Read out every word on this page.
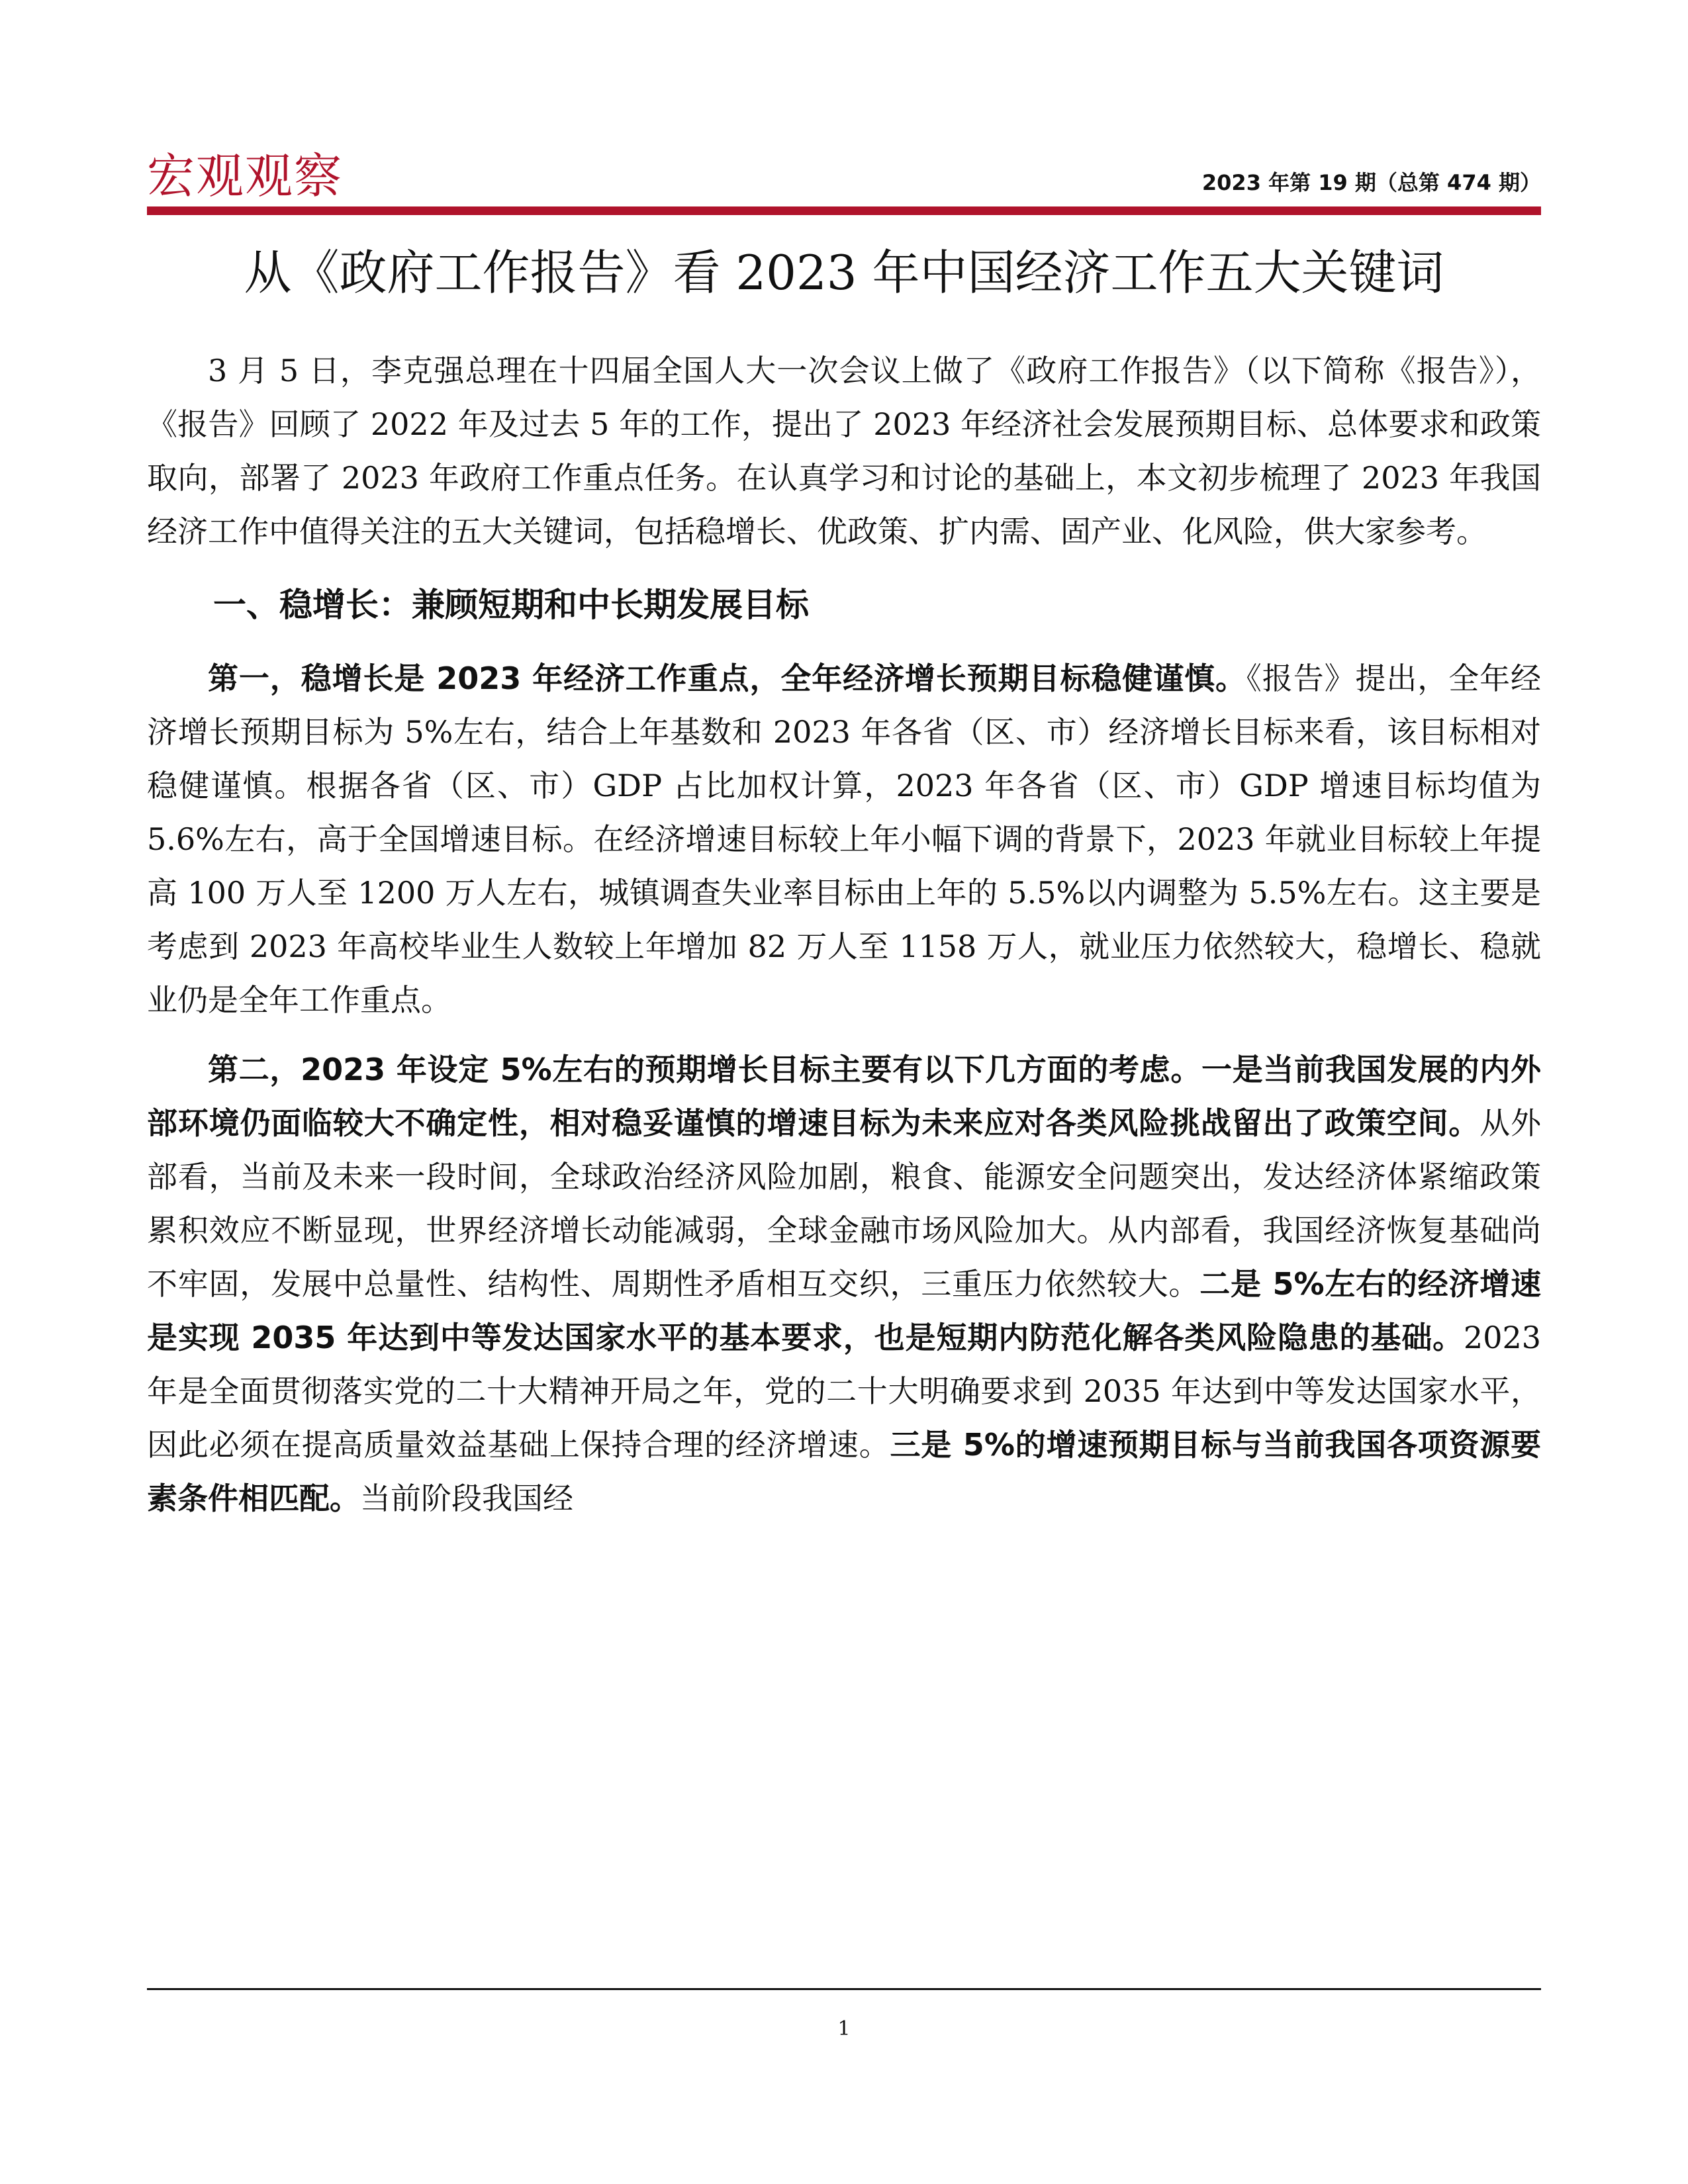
宏观观察	2023 年第 19 期（总第 474 期）
从《政府工作报告》看 2023 年中国经济工作五大关键词

3 月 5 日，李克强总理在十四届全国人大一次会议上做了《政府工作报告》（以下简称《报告》），《报告》回顾了 2022 年及过去 5 年的工作，提出了 2023 年经济社会发展预期目标、总体要求和政策取向，部署了 2023 年政府工作重点任务。在认真学习和讨论的基础上，本文初步梳理了 2023 年我国经济工作中值得关注的五大关键词，包括稳增长、优政策、扩内需、固产业、化风险，供大家参考。

一、稳增长：兼顾短期和中长期发展目标

第一，稳增长是 2023 年经济工作重点，全年经济增长预期目标稳健谨慎。《报告》提出，全年经济增长预期目标为 5%左右，结合上年基数和 2023 年各省（区、市）经济增长目标来看，该目标相对稳健谨慎。根据各省（区、市）GDP 占比加权计算，2023 年各省（区、市）GDP 增速目标均值为 5.6%左右，高于全国增速目标。在经济增速目标较上年小幅下调的背景下，2023 年就业目标较上年提高 100 万人至 1200 万人左右，城镇调查失业率目标由上年的 5.5%以内调整为 5.5%左右。这主要是考虑到 2023 年高校毕业生人数较上年增加 82 万人至 1158 万人，就业压力依然较大，稳增长、稳就业仍是全年工作重点。

第二，2023 年设定 5%左右的预期增长目标主要有以下几方面的考虑。一是当前我国发展的内外部环境仍面临较大不确定性，相对稳妥谨慎的增速目标为未来应对各类风险挑战留出了政策空间。从外部看，当前及未来一段时间，全球政治经济风险加剧，粮食、能源安全问题突出，发达经济体紧缩政策累积效应不断显现，世界经济增长动能减弱，全球金融市场风险加大。从内部看，我国经济恢复基础尚不牢固，发展中总量性、结构性、周期性矛盾相互交织，三重压力依然较大。二是 5%左右的经济增速是实现 2035 年达到中等发达国家水平的基本要求，也是短期内防范化解各类风险隐患的基础。2023 年是全面贯彻落实党的二十大精神开局之年，党的二十大明确要求到 2035 年达到中等发达国家水平，因此必须在提高质量效益基础上保持合理的经济增速。三是 5%的增速预期目标与当前我国各项资源要素条件相匹配。当前阶段我国经

1
